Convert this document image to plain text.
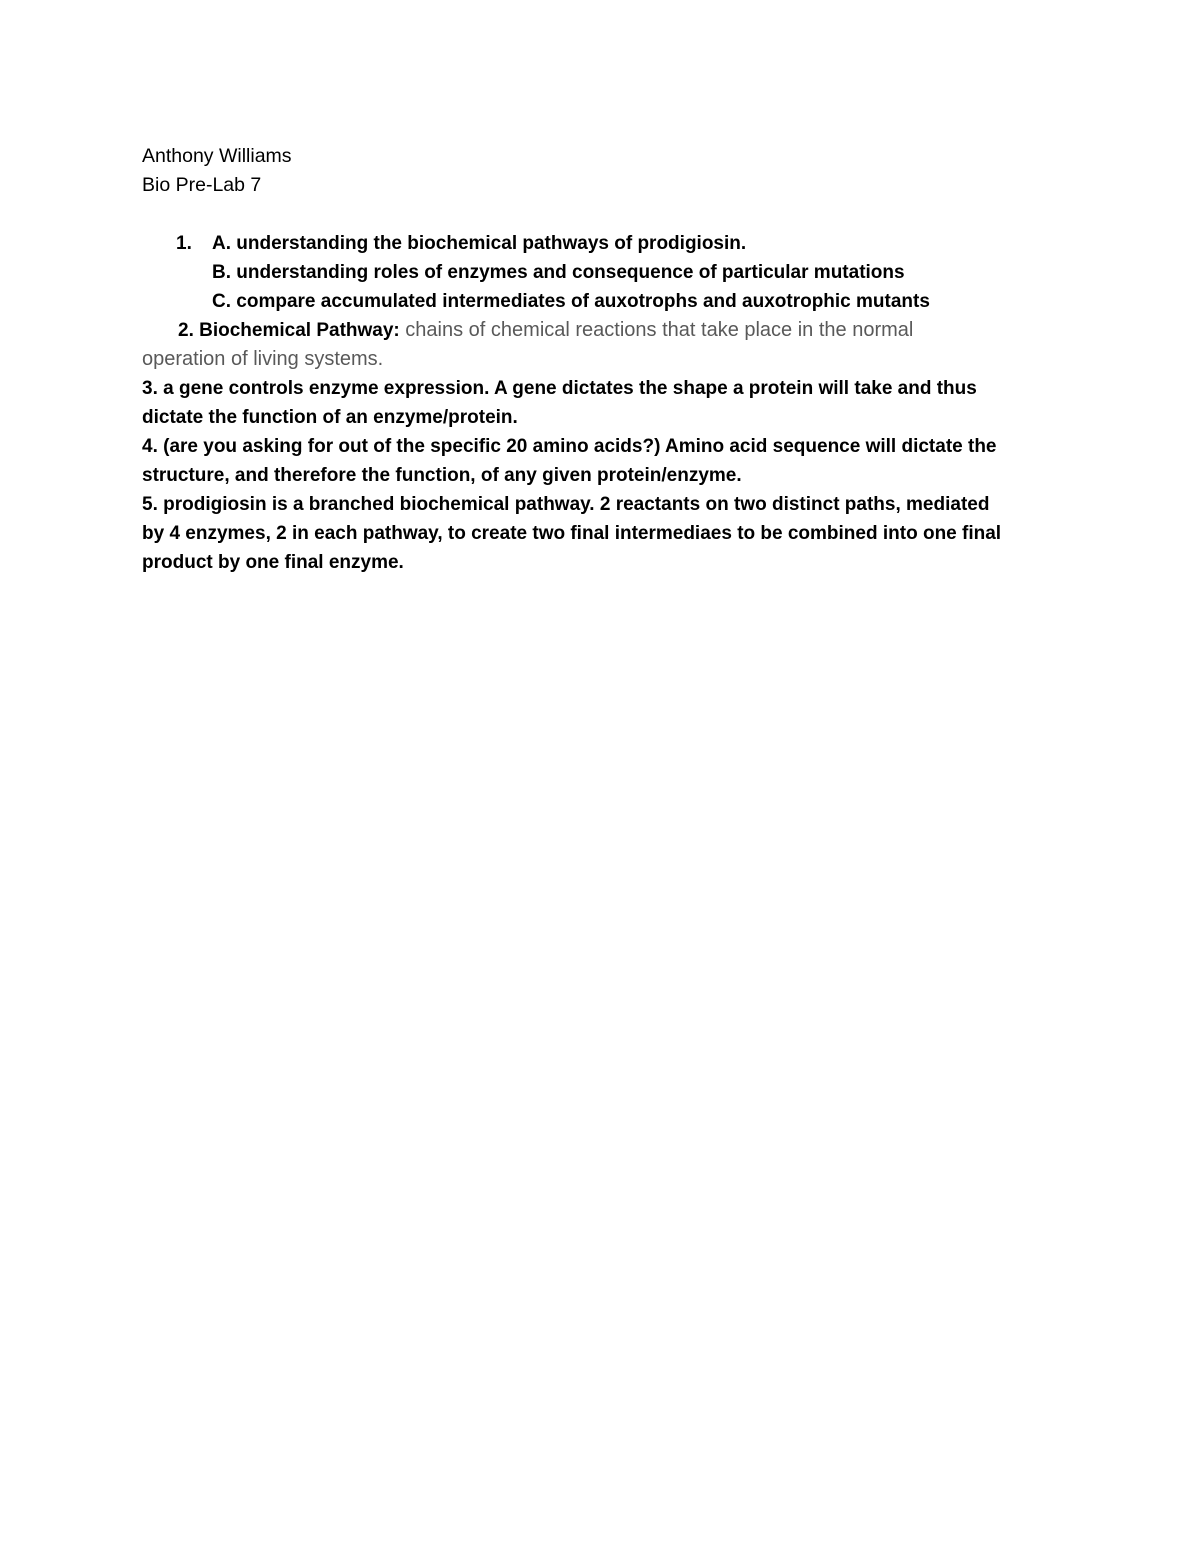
Anthony Williams
Bio Pre-Lab 7
1. A. understanding the biochemical pathways of prodigiosin.

B. understanding roles of enzymes and consequence of particular mutations
C. compare accumulated intermediates of auxotrophs and auxotrophic mutants
2. Biochemical Pathway: chains of chemical reactions that take place in the normal
operation of living systems.
3. a gene controls enzyme expression. A gene dictates the shape a protein will take and thus
dictate the function of an enzyme/protein.
4. (are you asking for out of the specific 20 amino acids?) Amino acid sequence will dictate the
structure, and therefore the function, of any given protein/enzyme.
5. prodigiosin is a branched biochemical pathway. 2 reactants on two distinct paths, mediated
by 4 enzymes, 2 in each pathway, to create two final intermediaes to be combined into one final
product by one final enzyme.
